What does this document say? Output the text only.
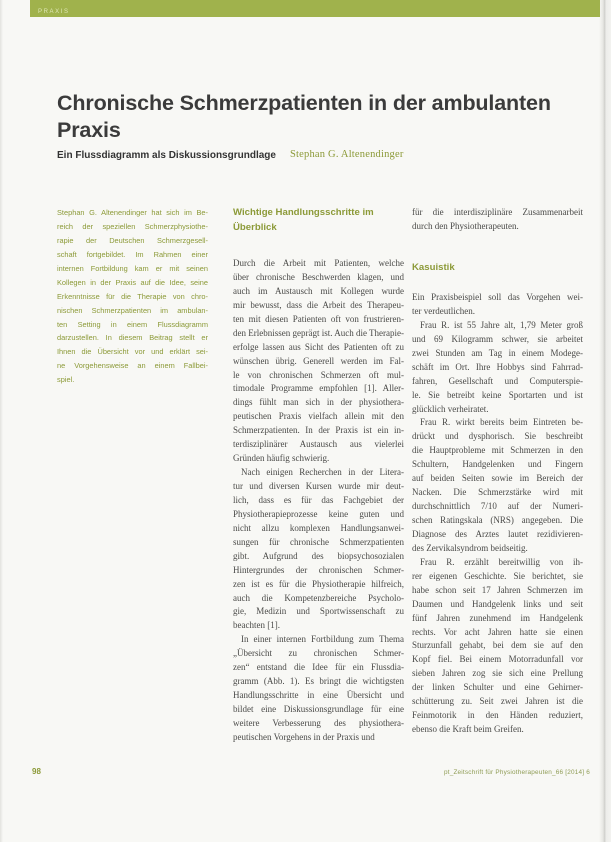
PRAXIS
Chronische Schmerzpatienten in der ambulanten
Praxis
Ein Flussdiagramm als Diskussionsgrundlage Stephan G. Altenendinger
Stephan G. Altenendinger hat sich im Be-
reich der speziellen Schmerzphysiothe-
rapie der Deutschen Schmerzgesell-
schaft fortgebildet. Im Rahmen einer
internen Fortbildung kam er mit seinen
Kollegen in der Praxis auf die Idee, seine
Erkenntnisse für die Therapie von chro-
nischen Schmerzpatienten im ambulan-
ten Setting in einem Flussdiagramm
darzustellen. In diesem Beitrag stellt er
Ihnen die Übersicht vor und erklärt sei-
ne Vorgehensweise an einem Fallbei-
spiel.
Wichtige Handlungsschritte im
Überblick
Durch die Arbeit mit Patienten, welche
über chronische Beschwerden klagen, und
auch im Austausch mit Kollegen wurde
mir bewusst, dass die Arbeit des Therapeu-
ten mit diesen Patienten oft von frustrieren-
den Erlebnissen geprägt ist. Auch die Therapie-
erfolge lassen aus Sicht des Patienten oft zu
wünschen übrig. Generell werden im Fal-
le von chronischen Schmerzen oft mul-
timodale Programme empfohlen [1]. Aller-
dings fühlt man sich in der physiothera-
peutischen Praxis vielfach allein mit den
Schmerzpatienten. In der Praxis ist ein in-
terdisziplinärer Austausch aus vielerlei
Gründen häufig schwierig.
Nach einigen Recherchen in der Litera-
tur und diversen Kursen wurde mir deut-
lich, dass es für das Fachgebiet der
Physiotherapieprozesse keine guten und
nicht allzu komplexen Handlungsanwei-
sungen für chronische Schmerzpatienten
gibt. Aufgrund des biopsychosozialen
Hintergrundes der chronischen Schmer-
zen ist es für die Physiotherapie hilfreich,
auch die Kompetenzbereiche Psycholo-
gie, Medizin und Sportwissenschaft zu
beachten [1].
In einer internen Fortbildung zum Thema
„Übersicht zu chronischen Schmer-
zen“ entstand die Idee für ein Flussdia-
gramm (Abb. 1). Es bringt die wichtigsten
Handlungsschritte in eine Übersicht und
bildet eine Diskussionsgrundlage für eine
weitere Verbesserung des physiothera-
peutischen Vorgehens in der Praxis und
für die interdisziplinäre Zusammenarbeit
durch den Physiotherapeuten.
Kasuistik
Ein Praxisbeispiel soll das Vorgehen wei-
ter verdeutlichen.
Frau R. ist 55 Jahre alt, 1,79 Meter groß
und 69 Kilogramm schwer, sie arbeitet
zwei Stunden am Tag in einem Modege-
schäft im Ort. Ihre Hobbys sind Fahrrad-
fahren, Gesellschaft und Computerspie-
le. Sie betreibt keine Sportarten und ist
glücklich verheiratet.
Frau R. wirkt bereits beim Eintreten be-
drückt und dysphorisch. Sie beschreibt
die Hauptprobleme mit Schmerzen in den
Schultern, Handgelenken und Fingern
auf beiden Seiten sowie im Bereich der
Nacken. Die Schmerzstärke wird mit
durchschnittlich 7/10 auf der Numeri-
schen Ratingskala (NRS) angegeben. Die
Diagnose des Arztes lautet rezidivieren-
des Zervikalsyndrom beidseitig.
Frau R. erzählt bereitwillig von ih-
rer eigenen Geschichte. Sie berichtet, sie
habe schon seit 17 Jahren Schmerzen im
Daumen und Handgelenk links und seit
fünf Jahren zunehmend im Handgelenk
rechts. Vor acht Jahren hatte sie einen
Sturzunfall gehabt, bei dem sie auf den
Kopf fiel. Bei einem Motorradunfall vor
sieben Jahren zog sie sich eine Prellung
der linken Schulter und eine Gehirner-
schütterung zu. Seit zwei Jahren ist die
Feinmotorik in den Händen reduziert,
ebenso die Kraft beim Greifen.
98	pt_Zeitschrift für Physiotherapeuten_66 [2014] 6
